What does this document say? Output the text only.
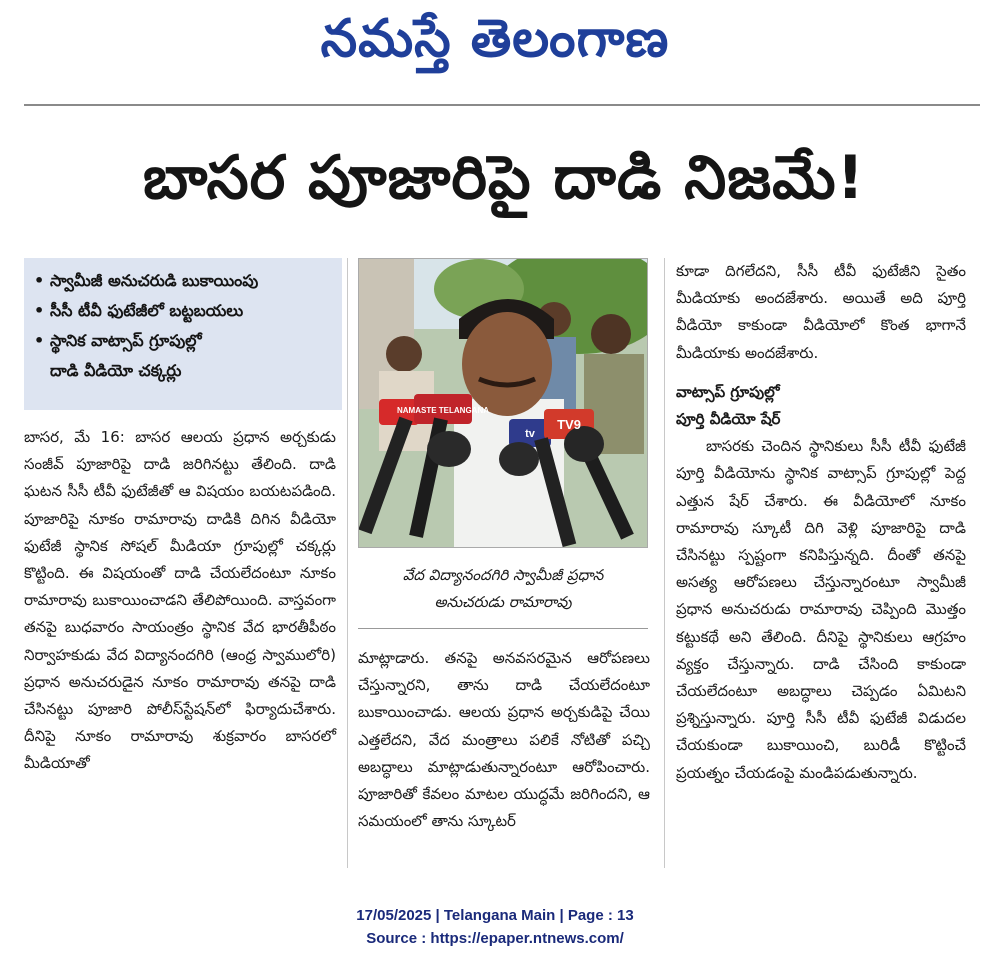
నమస్తే తెలంగాణ
బాసర పూజారిపై దాడి నిజమే!
• స్వామీజీ అనుచరుడి బుకాయింపు
• సీసీ టీవీ ఫుటేజీలో బట్టబయలు
• స్థానిక వాట్సాప్ గ్రూపుల్లో
దాడి వీడియో చక్కర్లు

బాసర, మే 16: బాసర ఆలయ ప్రధాన అర్చకుడు సంజీవ్ పూజారిపై దాడి జరిగినట్టు తేలింది. దాడి ఘటన సీసీ టీవీ ఫుటేజీతో ఆ విషయం బయటపడింది. పూజారిపై నూకం రామారావు దాడికి దిగిన వీడియో ఫుటేజీ స్థానిక సోషల్ మీడియా గ్రూపుల్లో చక్కర్లు కొట్టింది. ఈ విషయంతో దాడి చేయలేదంటూ నూకం రామారావు బుకాయించాడని తేలిపోయింది. వాస్తవంగా తనపై బుధవారం సాయంత్రం స్థానిక వేద భారతీపీఠం నిర్వాహకుడు వేద విద్యానందగిరి (ఆంధ్ర స్వాములోరి) ప్రధాన అనుచరుడైన నూకం రామారావు తనపై దాడి చేసినట్టు పూజారి పోలీస్‌స్టేషన్‌లో ఫిర్యాదుచేశారు. దీనిపై నూకం రామారావు శుక్రవారం బాసరలో మీడియాతో

NAMASTE TELANGANA
TV9
tv
వేద విద్యానందగిరి స్వామీజీ ప్రధాన
అనుచరుడు రామారావు

మాట్లాడారు. తనపై అనవసరమైన ఆరోపణలు చేస్తున్నారని, తాను దాడి చేయలేదంటూ బుకాయించాడు. ఆలయ ప్రధాన అర్చకుడిపై చేయి ఎత్తలేదని, వేద మంత్రాలు పలికే నోటితో పచ్చి అబద్ధాలు మాట్లాడుతున్నారంటూ ఆరోపించారు. పూజారితో కేవలం మాటల యుద్ధమే జరిగిందని, ఆ సమయంలో తాను స్కూటర్

కూడా దిగలేదని, సీసీ టీవీ ఫుటేజీని సైతం మీడియాకు అందజేశారు. అయితే అది పూర్తి వీడియో కాకుండా వీడియోలో కొంత భాగానే మీడియాకు అందజేశారు.

వాట్సాప్ గ్రూపుల్లో

పూర్తి వీడియో షేర్

బాసరకు చెందిన స్థానికులు సీసీ టీవీ ఫుటేజీ పూర్తి వీడియోను స్థానిక వాట్సాప్ గ్రూపుల్లో పెద్ద ఎత్తున షేర్ చేశారు. ఈ వీడియోలో నూకం రామారావు స్కూటీ దిగి వెళ్లి పూజారిపై దాడి చేసినట్టు స్పష్టంగా కనిపిస్తున్నది. దీంతో తనపై అసత్య ఆరోపణలు చేస్తున్నారంటూ స్వామీజీ ప్రధాన అనుచరుడు రామారావు చెప్పింది మొత్తం కట్టుకథే అని తేలింది. దీనిపై స్థానికులు ఆగ్రహం వ్యక్తం చేస్తున్నారు. దాడి చేసింది కాకుండా చేయలేదంటూ అబద్ధాలు చెప్పడం ఏమిటని ప్రశ్నిస్తున్నారు. పూర్తి సీసీ టీవీ ఫుటేజీ విడుదల చేయకుండా బుకాయించి, బురిడీ కొట్టించే ప్రయత్నం చేయడంపై మండిపడుతున్నారు.

17/05/2025 | Telangana Main | Page : 13
Source : https://epaper.ntnews.com/
